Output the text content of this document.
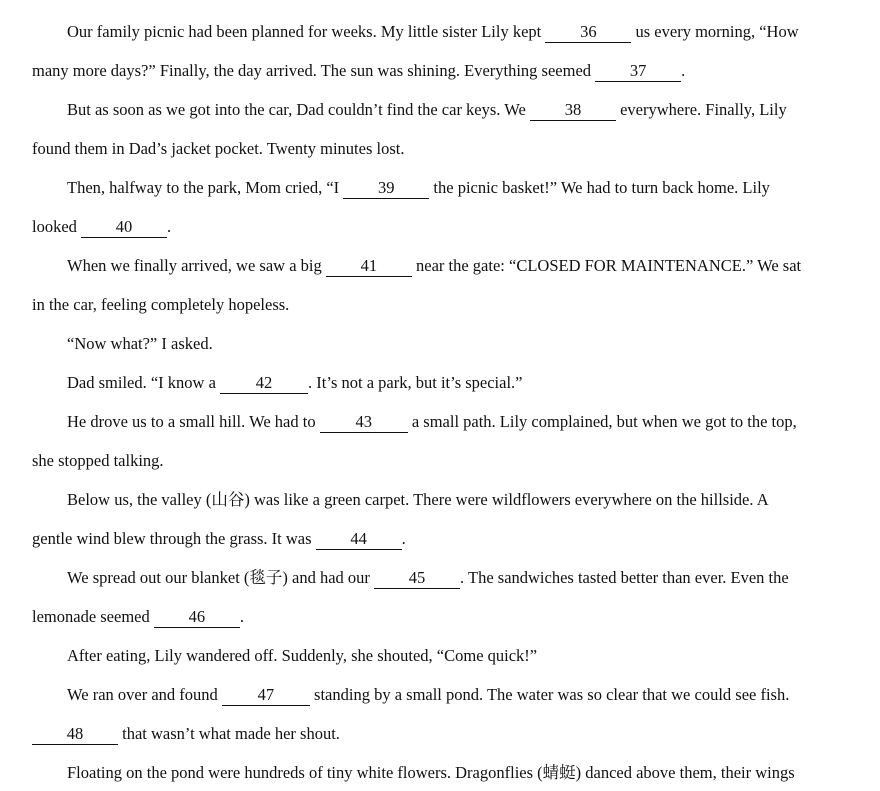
Our family picnic had been planned for weeks. My little sister Lily kept 36 us every morning, “How
many more days?” Finally, the day arrived. The sun was shining. Everything seemed 37 .
But as soon as we got into the car, Dad couldn’t find the car keys. We 38 everywhere. Finally, Lily
found them in Dad’s jacket pocket. Twenty minutes lost.
Then, halfway to the park, Mom cried, “I 39 the picnic basket!” We had to turn back home. Lily
looked 40 .
When we finally arrived, we saw a big 41 near the gate: “CLOSED FOR MAINTENANCE.” We sat
in the car, feeling completely hopeless.
“Now what?” I asked.
Dad smiled. “I know a 42 . It’s not a park, but it’s special.”
He drove us to a small hill. We had to 43 a small path. Lily complained, but when we got to the top,
she stopped talking.
Below us, the valley (山谷) was like a green carpet. There were wildflowers everywhere on the hillside. A
gentle wind blew through the grass. It was 44 .
We spread out our blanket (毯子) and had our 45 . The sandwiches tasted better than ever. Even the
lemonade seemed 46 .
After eating, Lily wandered off. Suddenly, she shouted, “Come quick!”
We ran over and found 47 standing by a small pond. The water was so clear that we could see fish.
48 that wasn’t what made her shout.
Floating on the pond were hundreds of tiny white flowers. Dragonflies (蜻蜓) danced above them, their wings
